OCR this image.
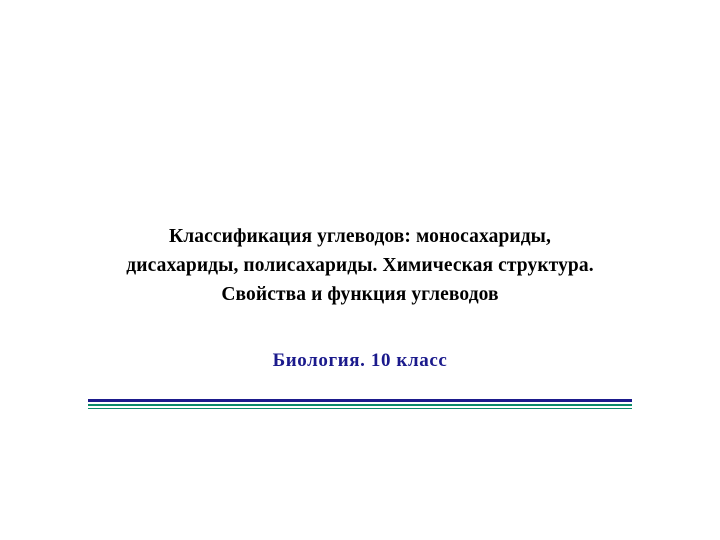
Классификация углеводов: моносахариды,
дисахариды, полисахариды. Химическая структура.
Свойства и функция углеводов
Биология. 10 класс
